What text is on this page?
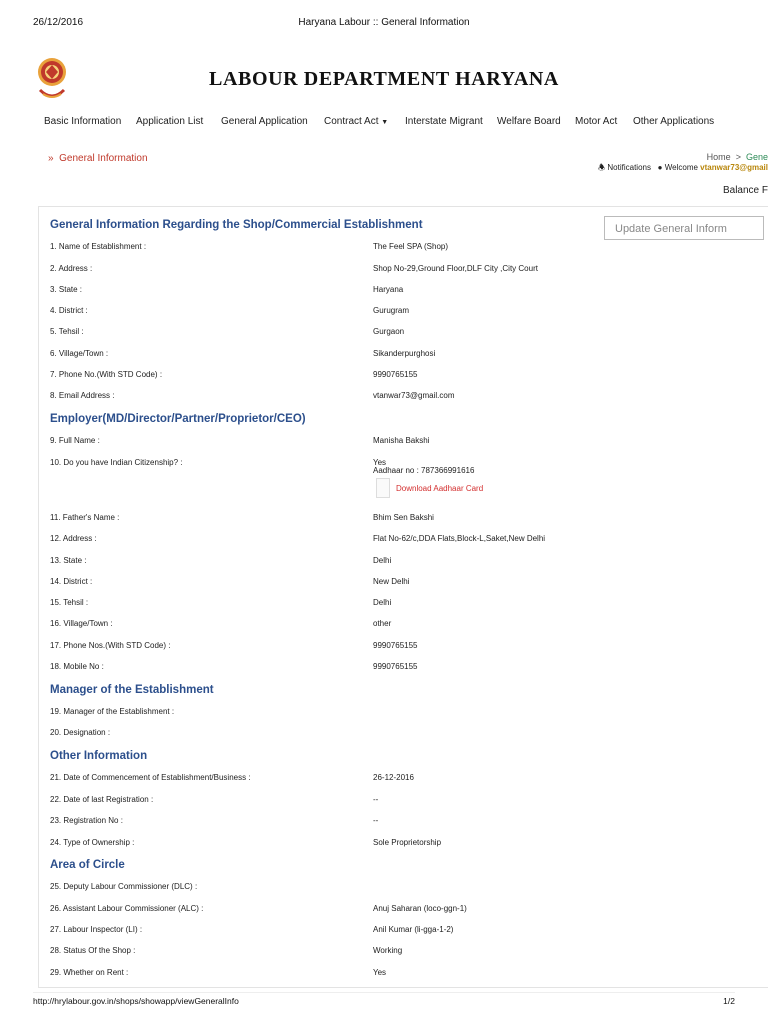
26/12/2016	Haryana Labour :: General Information
LABOUR DEPARTMENT HARYANA
Basic Information Application List General Application Contract Act ▼ Interstate Migrant Welfare Board Motor Act Other Applications
» General Information	Home > Gene
🕭 Notifications ● Welcome vtanwar73@gmail
Balance F
Update General Inform
General Information Regarding the Shop/Commercial Establishment
1. Name of Establishment :	The Feel SPA (Shop)
2. Address :	Shop No-29,Ground Floor,DLF City ,City Court
3. State :	Haryana
4. District :	Gurugram
5. Tehsil :	Gurgaon
6. Village/Town :	Sikanderpurghosi
7. Phone No.(With STD Code) :	9990765155
8. Email Address :	vtanwar73@gmail.com
Employer(MD/Director/Partner/Proprietor/CEO)
9. Full Name :	Manisha Bakshi
10. Do you have Indian Citizenship? :	Yes
Aadhaar no : 787366991616
Download Aadhaar Card
11. Father's Name :	Bhim Sen Bakshi
12. Address :	Flat No-62/c,DDA Flats,Block-L,Saket,New Delhi
13. State :	Delhi
14. District :	New Delhi
15. Tehsil :	Delhi
16. Village/Town :	other
17. Phone Nos.(With STD Code) :	9990765155
18. Mobile No :	9990765155
Manager of the Establishment
19. Manager of the Establishment :
20. Designation :
Other Information
21. Date of Commencement of Establishment/Business :	26-12-2016
22. Date of last Registration :	--
23. Registration No :	--
24. Type of Ownership :	Sole Proprietorship
Area of Circle
25. Deputy Labour Commissioner (DLC) :
26. Assistant Labour Commissioner (ALC) :	Anuj Saharan (loco-ggn-1)
27. Labour Inspector (LI) :	Anil Kumar (li-gga-1-2)
28. Status Of the Shop :	Working
29. Whether on Rent :	Yes
http://hrylabour.gov.in/shops/showapp/viewGeneralInfo	1/2
